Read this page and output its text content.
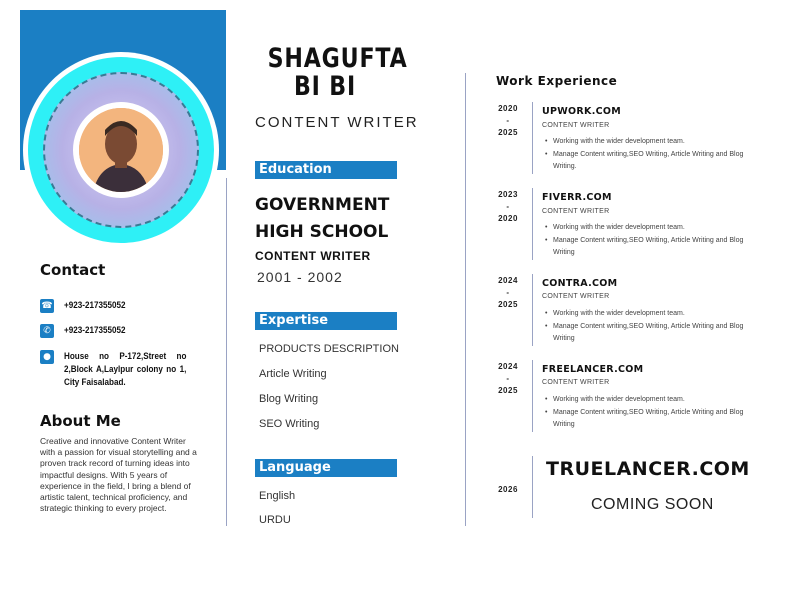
Contact
☎ +923-217355052
✆	+923-217355052
●	House no P-172,Street no 2,Block A,Laylpur colony no 1, City Faisalabad.
About Me
Creative and innovative Content Writer with a passion for visual storytelling and a proven track record of turning ideas into impactful designs. With 5 years of experience in the field, I bring a blend of artistic talent, technical proficiency, and strategic thinking to every project.
SHAGUFTA
BI BI
CONTENT WRITER
Education
GOVERNMENT
HIGH SCHOOL
CONTENT WRITER
2001 - 2002
Expertise
PRODUCTS DESCRIPTION
Article Writing
Blog Writing
SEO Writing
Language
English
URDU
Work Experience
2020
-
2025
UPWORK.COM
CONTENT WRITER
• Working with the wider development team.
• Manage Content writing,SEO Writing, Article Writing and Blog Writing.
2023
-
2020
FIVERR.COM
CONTENT WRITER
• Working with the wider development team.
• Manage Content writing,SEO Writing, Article Writing and Blog Writing
2024
-
2025
CONTRA.COM
CONTENT WRITER
• Working with the wider development team.
• Manage Content writing,SEO Writing, Article Writing and Blog Writing
2024
-
2025
FREELANCER.COM
CONTENT WRITER
• Working with the wider development team.
• Manage Content writing,SEO Writing, Article Writing and Blog Writing
2026
TRUELANCER.COM
COMING SOON
